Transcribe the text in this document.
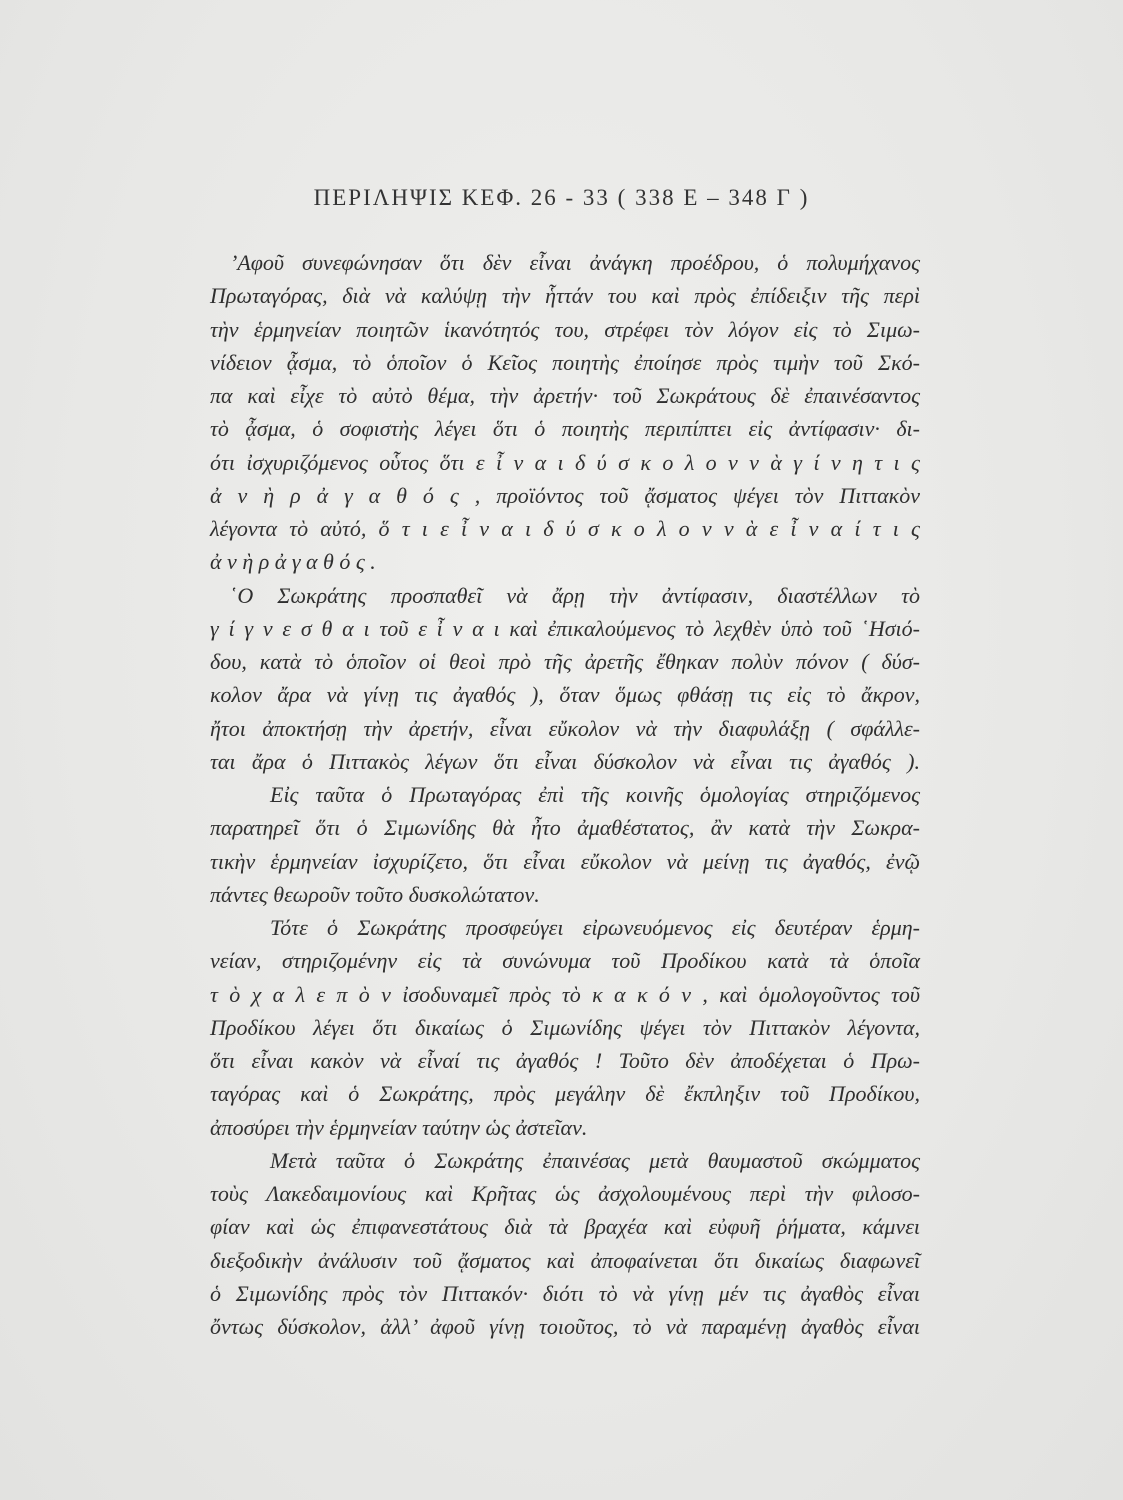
ΠΕΡΙΛΗΨΙΣ ΚΕΦ. 26 - 33 ( 338 Ε – 348 Γ )
’Αφοῦ συνεφώνησαν ὅτι δὲν εἶναι ἀνάγκη προέδρου, ὁ πολυμήχανος
Πρωταγόρας, διὰ νὰ καλύψῃ τὴν ἧττάν του καὶ πρὸς ἐπίδειξιν τῆς περὶ
τὴν ἑρμηνείαν ποιητῶν ἱκανότητός του, στρέφει τὸν λόγον εἰς τὸ Σιμω-
νίδειον ᾆσμα, τὸ ὁποῖον ὁ Κεῖος ποιητὴς ἐποίησε πρὸς τιμὴν τοῦ Σκό-
πα καὶ εἶχε τὸ αὐτὸ θέμα, τὴν ἀρετήν· τοῦ Σωκράτους δὲ ἐπαινέσαντος
τὸ ᾆσμα, ὁ σοφιστὴς λέγει ὅτι ὁ ποιητὴς περιπίπτει εἰς ἀντίφασιν· δι-
ότι ἰσχυριζόμενος οὗτος ὅτι ε ἶ ν α ι δ ύ σ κ ο λ ο ν ν ὰ γ ί ν η τ ι ς
ἀ ν ὴ ρ ἀ γ α θ ό ς , προϊόντος τοῦ ᾄσματος ψέγει τὸν Πιττακὸν
λέγοντα τὸ αὐτό, ὅ τ ι ε ἶ ν α ι δ ύ σ κ ο λ ο ν ν ὰ ε ἶ ν α ί τ ι ς
ἀ ν ὴ ρ ἀ γ α θ ό ς .
῾Ο Σωκράτης προσπαθεῖ νὰ ἄρῃ τὴν ἀντίφασιν, διαστέλλων τὸ
γ ί γ ν ε σ θ α ι τοῦ ε ἶ ν α ι καὶ ἐπικαλούμενος τὸ λεχθὲν ὑπὸ τοῦ ῾Ησιό-
δου, κατὰ τὸ ὁποῖον οἱ θεοὶ πρὸ τῆς ἀρετῆς ἔθηκαν πολὺν πόνον ( δύσ-
κολον ἄρα νὰ γίνῃ τις ἀγαθός ), ὅταν ὅμως φθάσῃ τις εἰς τὸ ἄκρον,
ἤτοι ἀποκτήσῃ τὴν ἀρετήν, εἶναι εὔκολον νὰ τὴν διαφυλάξῃ ( σφάλλε-
ται ἄρα ὁ Πιττακὸς λέγων ὅτι εἶναι δύσκολον νὰ εἶναι τις ἀγαθός ).
Εἰς ταῦτα ὁ Πρωταγόρας ἐπὶ τῆς κοινῆς ὁμολογίας στηριζόμενος
παρατηρεῖ ὅτι ὁ Σιμωνίδης θὰ ἦτο ἀμαθέστατος, ἂν κατὰ τὴν Σωκρα-
τικὴν ἑρμηνείαν ἰσχυρίζετο, ὅτι εἶναι εὔκολον νὰ μείνῃ τις ἀγαθός, ἐνῷ
πάντες θεωροῦν τοῦτο δυσκολώτατον.
Τότε ὁ Σωκράτης προσφεύγει εἰρωνευόμενος εἰς δευτέραν ἑρμη-
νείαν, στηριζομένην εἰς τὰ συνώνυμα τοῦ Προδίκου κατὰ τὰ ὁποῖα
τ ὸ χ α λ ε π ὸ ν ἰσοδυναμεῖ πρὸς τὸ κ α κ ό ν , καὶ ὁμολογοῦντος τοῦ
Προδίκου λέγει ὅτι δικαίως ὁ Σιμωνίδης ψέγει τὸν Πιττακὸν λέγοντα,
ὅτι εἶναι κακὸν νὰ εἶναί τις ἀγαθός ! Τοῦτο δὲν ἀποδέχεται ὁ Πρω-
ταγόρας καὶ ὁ Σωκράτης, πρὸς μεγάλην δὲ ἔκπληξιν τοῦ Προδίκου,
ἀποσύρει τὴν ἑρμηνείαν ταύτην ὡς ἀστεῖαν.
Μετὰ ταῦτα ὁ Σωκράτης ἐπαινέσας μετὰ θαυμαστοῦ σκώμματος
τοὺς Λακεδαιμονίους καὶ Κρῆτας ὡς ἀσχολουμένους περὶ τὴν φιλοσο-
φίαν καὶ ὡς ἐπιφανεστάτους διὰ τὰ βραχέα καὶ εὐφυῆ ῥήματα, κάμνει
διεξοδικὴν ἀνάλυσιν τοῦ ᾄσματος καὶ ἀποφαίνεται ὅτι δικαίως διαφωνεῖ
ὁ Σιμωνίδης πρὸς τὸν Πιττακόν· διότι τὸ νὰ γίνῃ μέν τις ἀγαθὸς εἶναι
ὄντως δύσκολον, ἀλλ’ ἀφοῦ γίνῃ τοιοῦτος, τὸ νὰ παραμένῃ ἀγαθὸς εἶναι
